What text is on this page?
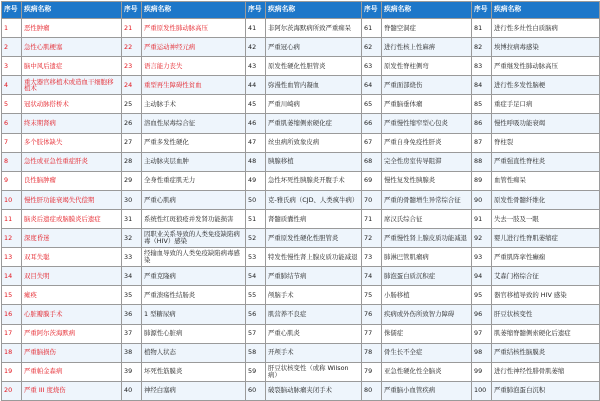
序号	疾病名称	序号	疾病名称	序号	疾病名称	序号	疾病名称	序号	疾病名称
1	恶性肿瘤	21	严重原发性肺动脉高压	41	非阿尔茨海默病所致严重痴呆	61	脊髓空洞症	81	进行性多灶性白质脑病
2	急性心肌梗塞	22	严重运动神经元病	42	严重冠心病	62	进行性核上性麻痹	82	埃博拉病毒感染
3	脑中风后遗症	23	语言能力丧失	43	原发性硬化性胆管炎	63	原发性脊柱侧弯	83	严重继发性肺动脉高压
4	重大器官移植术或造血干细胞移植术	24	重型再生障碍性贫血	44	弥漫性血管内凝血	64	严重面部烧伤	84	进行性多发性脑梗
5	冠状动脉搭桥术	25	主动脉手术	45	严重川崎病	65	严重脑垂体瘤	85	重症手足口病
6	终末期肾病	26	溶血性尿毒综合征	46	严重肌萎缩侧索硬化症	66	严重慢性缩窄型心包炎	86	慢性呼吸功能衰竭
7	多个肢体缺失	27	严重多发性硬化	47	丝虫病所致象皮病	67	严重自身免疫性肝炎	87	脊柱裂
8	急性或亚急性重症肝炎	28	主动脉夹层血肿	48	胰腺移植	68	完全性房室传导阻滞	88	严重强直性脊柱炎
9	良性脑肿瘤	29	全身性重症肌无力	49	急性坏死性胰腺炎开腹手术	69	慢性复发性胰腺炎	89	血管性痴呆
10	慢性肝功能衰竭失代偿期	30	严重心肌病	50	克-雅氏病（CJD、人类疯牛病）	70	严重的骨髓增生异常综合征	90	原发性骨髓纤维化
11	脑炎后遗症或脑膜炎后遗症	31	系统性红斑狼疮并发肾功能损害	51	肾髓质囊性病	71	席汉氏综合征	91	失去一肢及一眼
12	深度昏迷	32	因职业关系导致的人类免疫缺陷病毒（HIV）感染	52	严重原发性硬化性胆管炎	72	严重慢性肾上腺皮质功能减退	92	婴儿进行性脊肌萎缩症
13	双耳失聪	33	经输血导致的人类免疫缺陷病毒感染	53	特发性慢性肾上腺皮质功能减退	73	肺淋巴管肌瘤病	93	严重肌阵挛性癫痫
14	双目失明	34	严重克隆病	54	严重肺结节病	74	肺泡蛋白质沉积症	94	艾森门格综合征
15	瘫痪	35	严重溃疡性结肠炎	55	颅脑手术	75	小肠移植	95	器官移植导致的 HIV 感染
16	心脏瓣膜手术	36	1 型糖尿病	56	肌营养不良症	76	疾病或外伤所致智力障碍	96	肝豆状核变性
17	严重阿尔茨海默病	37	肺源性心脏病	57	严重心肌炎	77	侏儒症	97	肌萎缩脊髓侧索硬化后遗症
18	严重脑损伤	38	植物人状态	58	开颅手术	78	骨生长不全症	98	严重结核性脑膜炎
19	严重帕金森病	39	坏死性筋膜炎	59	肝豆状核变性（或称 Wilson 病）	79	亚急性硬化性全脑炎	99	进行性神经性腓骨肌萎缩
20	严重 III 度烧伤	40	神经白塞病	60	破裂脑动脉瘤夹闭手术	80	严重脑小血管疾病	100	严重肺泡蛋白沉积
